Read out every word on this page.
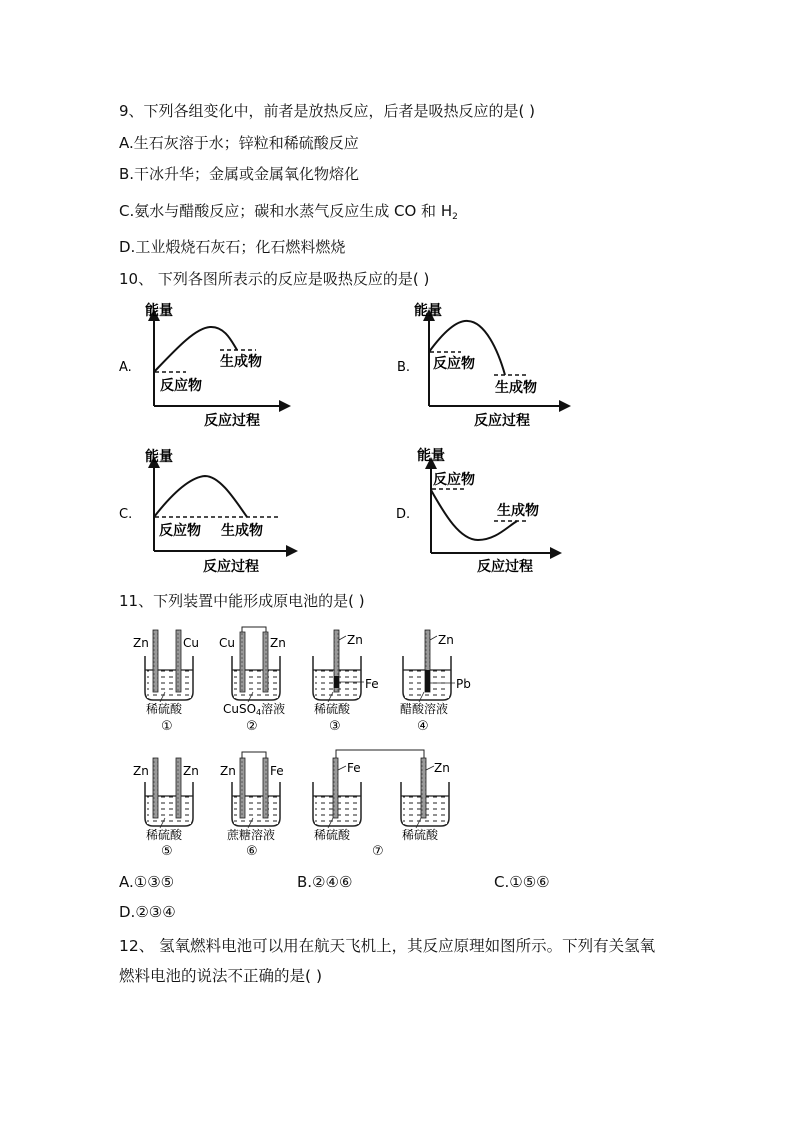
9、下列各组变化中，前者是放热反应，后者是吸热反应的是( )
A.生石灰溶于水；锌粒和稀硫酸反应
B.干冰升华；金属或金属氧化物熔化
C.氨水与醋酸反应；碳和水蒸气反应生成 CO 和 $H_2$
D.工业煅烧石灰石；化石燃料燃烧
10、 下列各图所表示的反应是吸热反应的是( )
能量
反应物
生成物
反应过程
A.
能量
反应物
生成物
反应过程
B.
能量
反应物 生成物
反应过程
C.
能量
反应物
生成物
反应过程
D.
11、下列装置中能形成原电池的是( )
Zn	Cu
稀硫酸
①
Cu	Zn
CuSO4溶液
②
Zn
Fe
稀硫酸
③
Zn
Pb
醋酸溶液
④
Zn	Zn
稀硫酸
⑤
Zn	Fe
蔗糖溶液
⑥
Fe
稀硫酸
Zn
稀硫酸
⑦
A.①③⑤	B.②④⑥	C.①⑤⑥
D.②③④
12、 氢氧燃料电池可以用在航天飞机上，其反应原理如图所示。下列有关氢氧
燃料电池的说法不正确的是( )
